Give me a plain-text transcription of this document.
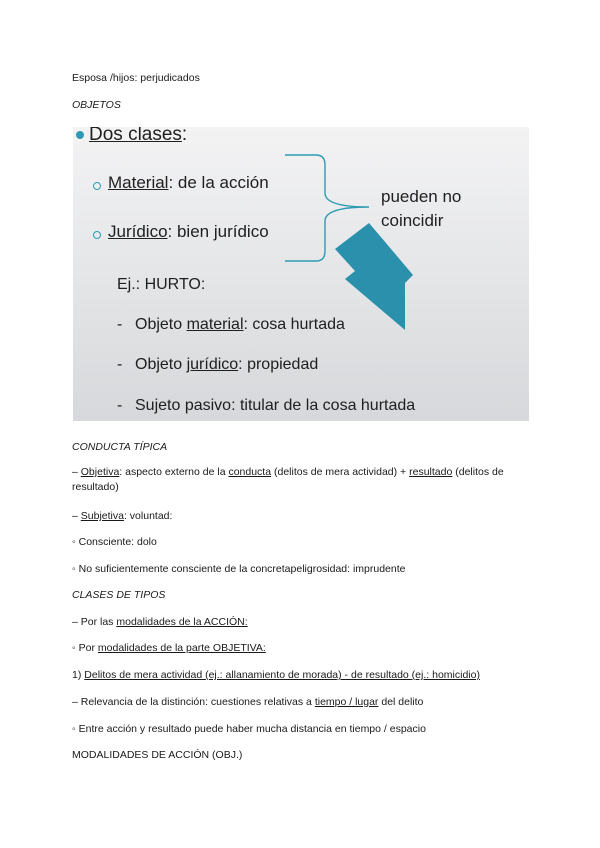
Esposa /hijos: perjudicados
OBJETOS
Dos clases:
Material: de la acción
Jurídico: bien jurídico
pueden no
coincidir
Ej.: HURTO:
- Objeto material: cosa hurtada
- Objeto jurídico: propiedad
- Sujeto pasivo: titular de la cosa hurtada
CONDUCTA TÍPICA
– Objetiva: aspecto externo de la conducta (delitos de mera actividad) + resultado (delitos de resultado)
– Subjetiva: voluntad:
◦ Consciente: dolo
◦ No suficientemente consciente de la concretapeligrosidad: imprudente
CLASES DE TIPOS
– Por las modalidades de la ACCIÓN:
◦ Por modalidades de la parte OBJETIVA:
1) Delitos de mera actividad (ej.: allanamiento de morada) - de resultado (ej.: homicidio)
– Relevancia de la distinción: cuestiones relativas a tiempo / lugar del delito
◦ Entre acción y resultado puede haber mucha distancia en tiempo / espacio
MODALIDADES DE ACCIÓN (OBJ.)
